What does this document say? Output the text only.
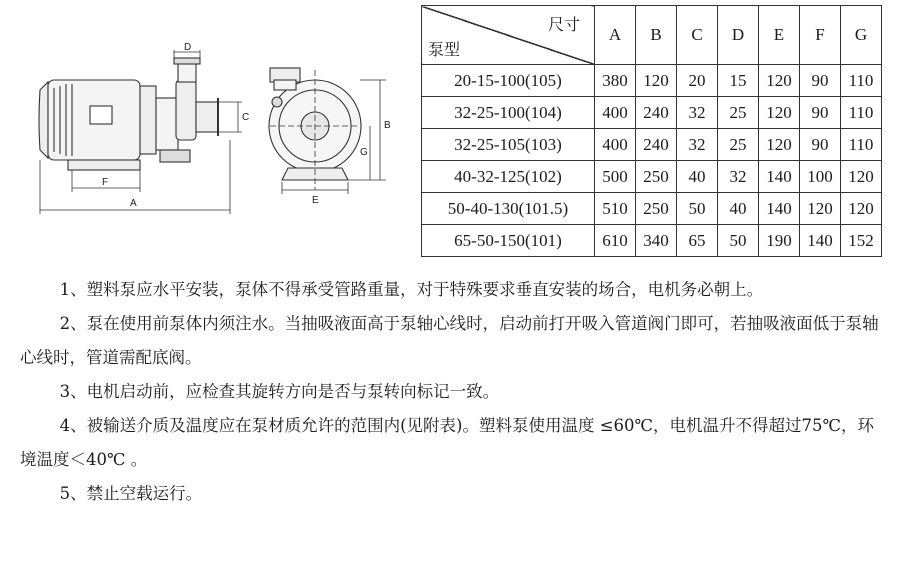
D
C
B
G
E
F
A
尺寸
泵型	A	B	C	D	E	F	G
20-15-100(105)	380	120	20	15	120	90	110
32-25-100(104)	400	240	32	25	120	90	110
32-25-105(103)	400	240	32	25	120	90	110
40-32-125(102)	500	250	40	32	140	100	120
50-40-130(101.5)	510	250	50	40	140	120	120
65-50-150(101)	610	340	65	50	190	140	152

1、塑料泵应水平安装，泵体不得承受管路重量，对于特殊要求垂直安装的场合，电机务必朝上。

2、泵在使用前泵体内须注水。当抽吸液面高于泵轴心线时，启动前打开吸入管道阀门即可，若抽吸液面低于泵轴心线时，管道需配底阀。

3、电机启动前，应检查其旋转方向是否与泵转向标记一致。

4、被输送介质及温度应在泵材质允许的范围内(见附表)。塑料泵使用温度 ≤60℃，电机温升不得超过75℃，环境温度＜40℃ 。

5、禁止空载运行。
